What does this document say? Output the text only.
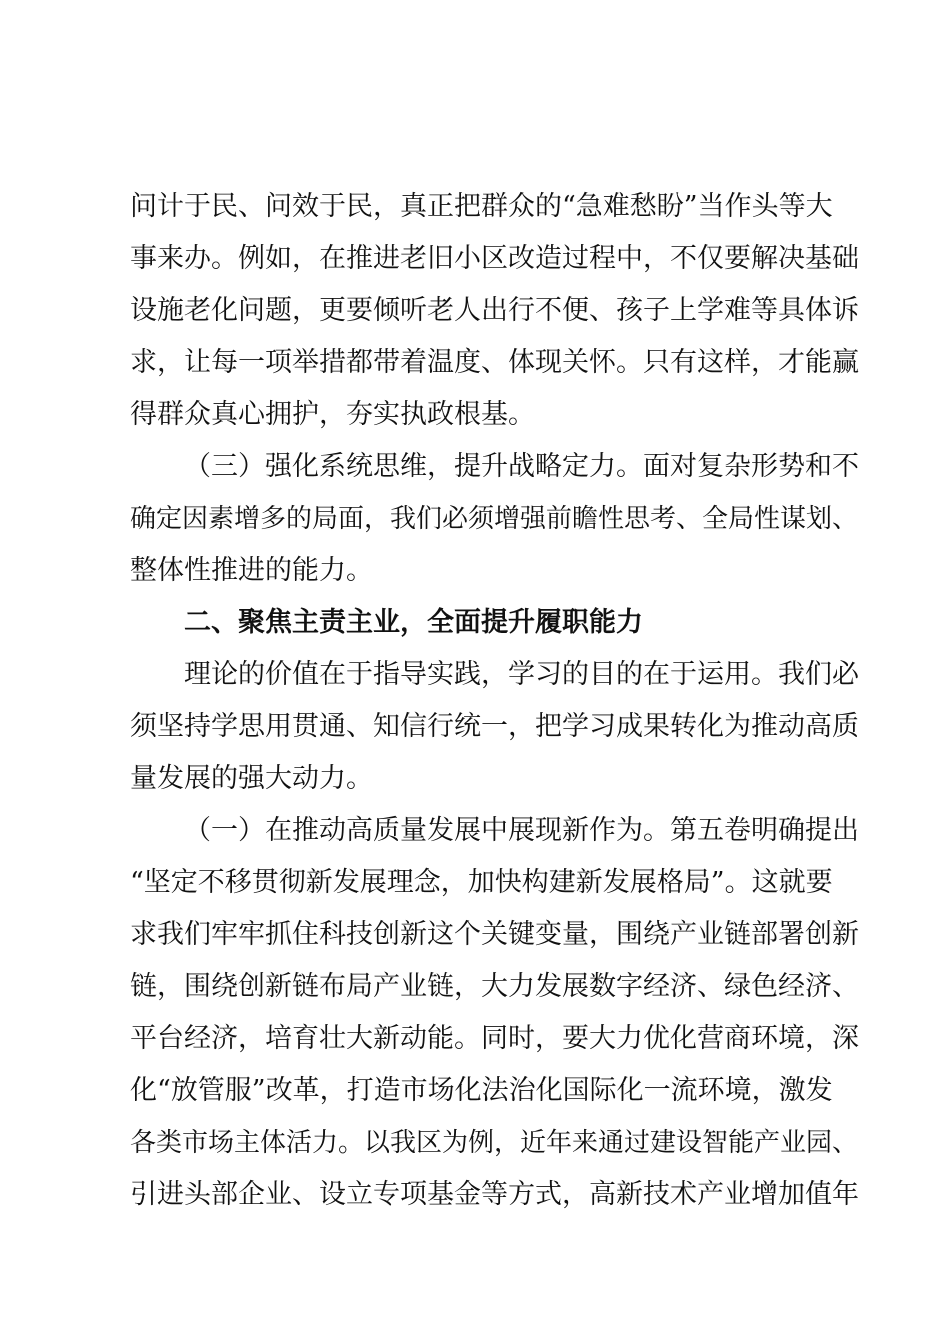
问计于民、问效于民，真正把群众的“急难愁盼”当作头等大
事来办。例如，在推进老旧小区改造过程中，不仅要解决基础
设施老化问题，更要倾听老人出行不便、孩子上学难等具体诉
求，让每一项举措都带着温度、体现关怀。只有这样，才能赢
得群众真心拥护，夯实执政根基。
（三）强化系统思维，提升战略定力。面对复杂形势和不
确定因素增多的局面，我们必须增强前瞻性思考、全局性谋划、
整体性推进的能力。
二、聚焦主责主业，全面提升履职能力
理论的价值在于指导实践，学习的目的在于运用。我们必
须坚持学思用贯通、知信行统一，把学习成果转化为推动高质
量发展的强大动力。
（一）在推动高质量发展中展现新作为。第五卷明确提出
“坚定不移贯彻新发展理念，加快构建新发展格局”。这就要
求我们牢牢抓住科技创新这个关键变量，围绕产业链部署创新
链，围绕创新链布局产业链，大力发展数字经济、绿色经济、
平台经济，培育壮大新动能。同时，要大力优化营商环境，深
化“放管服”改革，打造市场化法治化国际化一流环境，激发
各类市场主体活力。以我区为例，近年来通过建设智能产业园、
引进头部企业、设立专项基金等方式，高新技术产业增加值年
